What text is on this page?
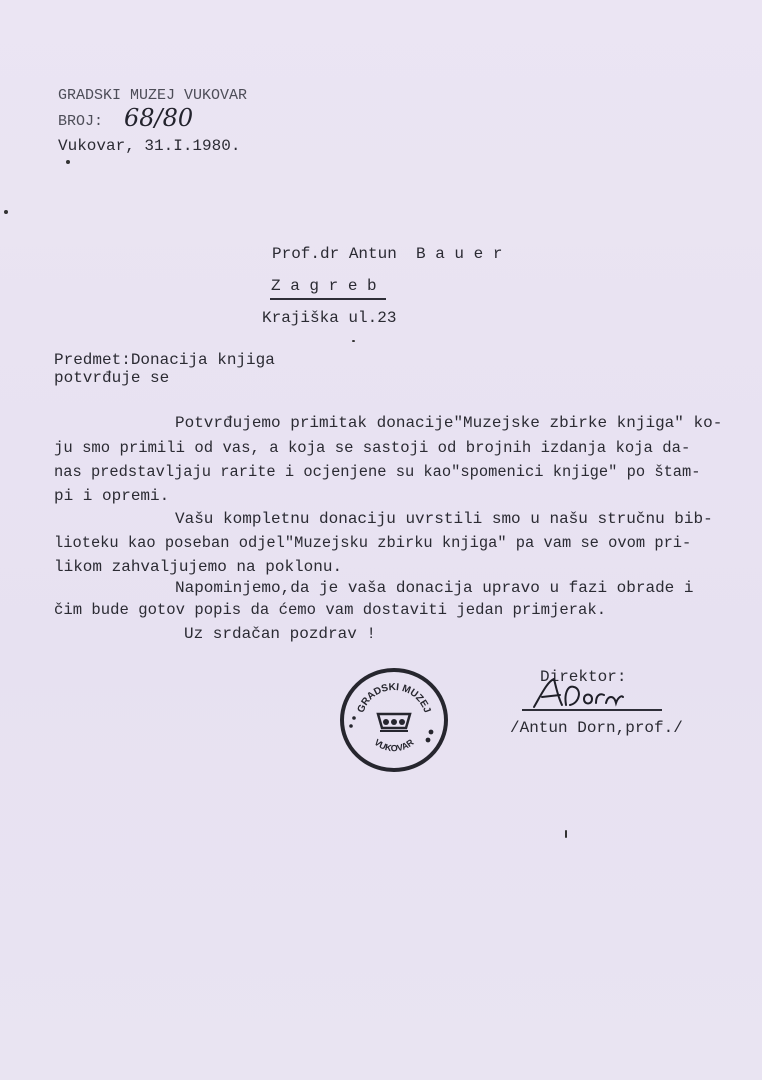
GRADSKI MUZEJ VUKOVAR
BROJ: 68/80
Vukovar, 31.I.1980.
Prof.dr Antun  B a u e r
Z a g r e b
Krajiška ul.23
Predmet:Donacija knjiga
potvrđuje se
Potvrđujemo primitak donacije"Muzejske zbirke knjiga" ko-
ju smo primili od vas, a koja se sastoji od brojnih izdanja koja da-
nas predstavljaju rarite i ocjenjene su kao"spomenici knjige" po štam-
pi i opremi.
Vašu kompletnu donaciju uvrstili smo u našu stručnu bib-
lioteku kao poseban odjel"Muzejsku zbirku knjiga" pa vam se ovom pri-
likom zahvaljujemo na poklonu.
Napominjemo,da je vaša donacija upravo u fazi obrade i
čim bude gotov popis da ćemo vam dostaviti jedan primjerak.
Uz srdačan pozdrav !
GRADSKI MUZEJ
VUKOVAR
Direktor:
/Antun Dorn,prof./
